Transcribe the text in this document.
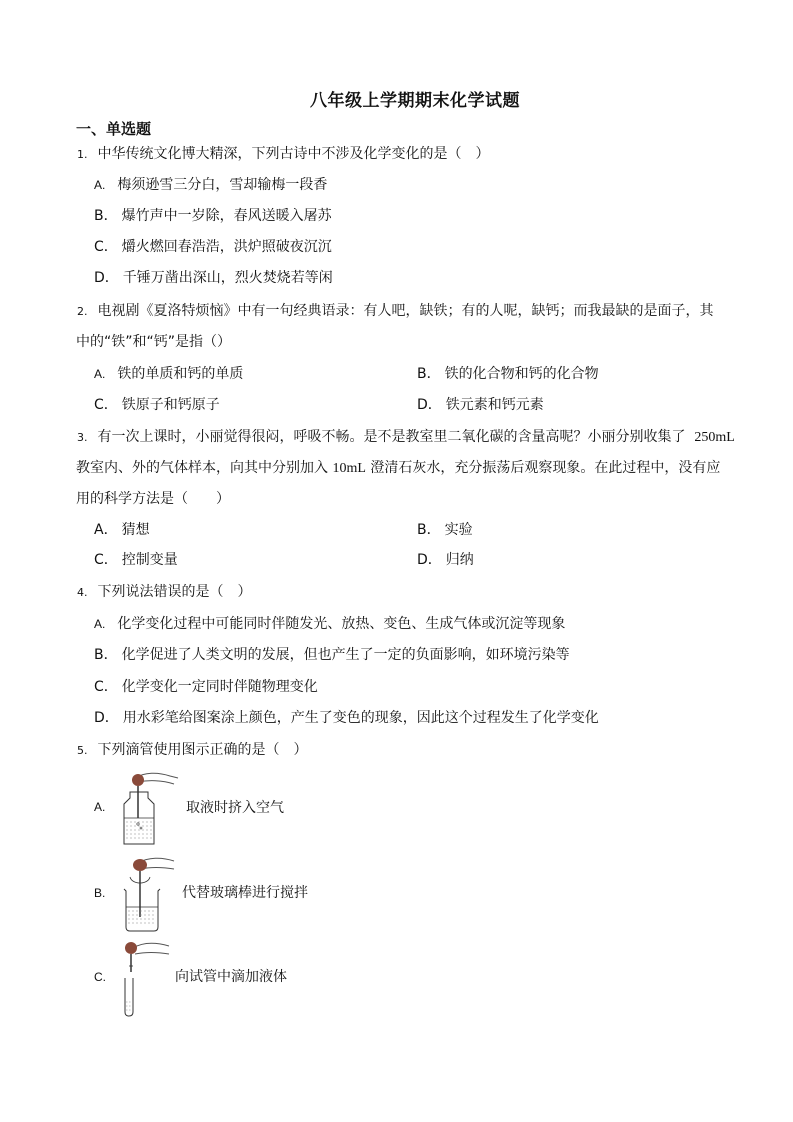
八年级上学期期末化学试题
一、单选题
1. 中华传统文化博大精深，下列古诗中不涉及化学变化的是（　）
A. 梅须逊雪三分白，雪却输梅一段香
B． 爆竹声中一岁除，春风送暖入屠苏
C． 爝火燃回春浩浩，洪炉照破夜沉沉
D． 千锤万凿出深山，烈火焚烧若等闲
2. 电视剧《夏洛特烦恼》中有一句经典语录：有人吧，缺铁；有的人呢，缺钙；而我最缺的是面子，其
中的“铁”和“钙”是指（）
A. 铁的单质和钙的单质	B． 铁的化合物和钙的化合物
C． 铁原子和钙原子	D． 铁元素和钙元素
3. 有一次上课时，小丽觉得很闷，呼吸不畅。是不是教室里二氧化碳的含量高呢？小丽分别收集了 250mL
教室内、外的气体样本，向其中分别加入 10mL 澄清石灰水，充分振荡后观察现象。在此过程中，没有应
用的科学方法是（　　）
A． 猜想	B． 实验
C． 控制变量	D． 归纳
4. 下列说法错误的是（　）
A. 化学变化过程中可能同时伴随发光、放热、变色、生成气体或沉淀等现象
B． 化学促进了人类文明的发展，但也产生了一定的负面影响，如环境污染等
C． 化学变化一定同时伴随物理变化
D． 用水彩笔给图案涂上颜色，产生了变色的现象，因此这个过程发生了化学变化
5. 下列滴管使用图示正确的是（　）
A.	取液时挤入空气
B.	代替玻璃棒进行搅拌
C.	向试管中滴加液体
